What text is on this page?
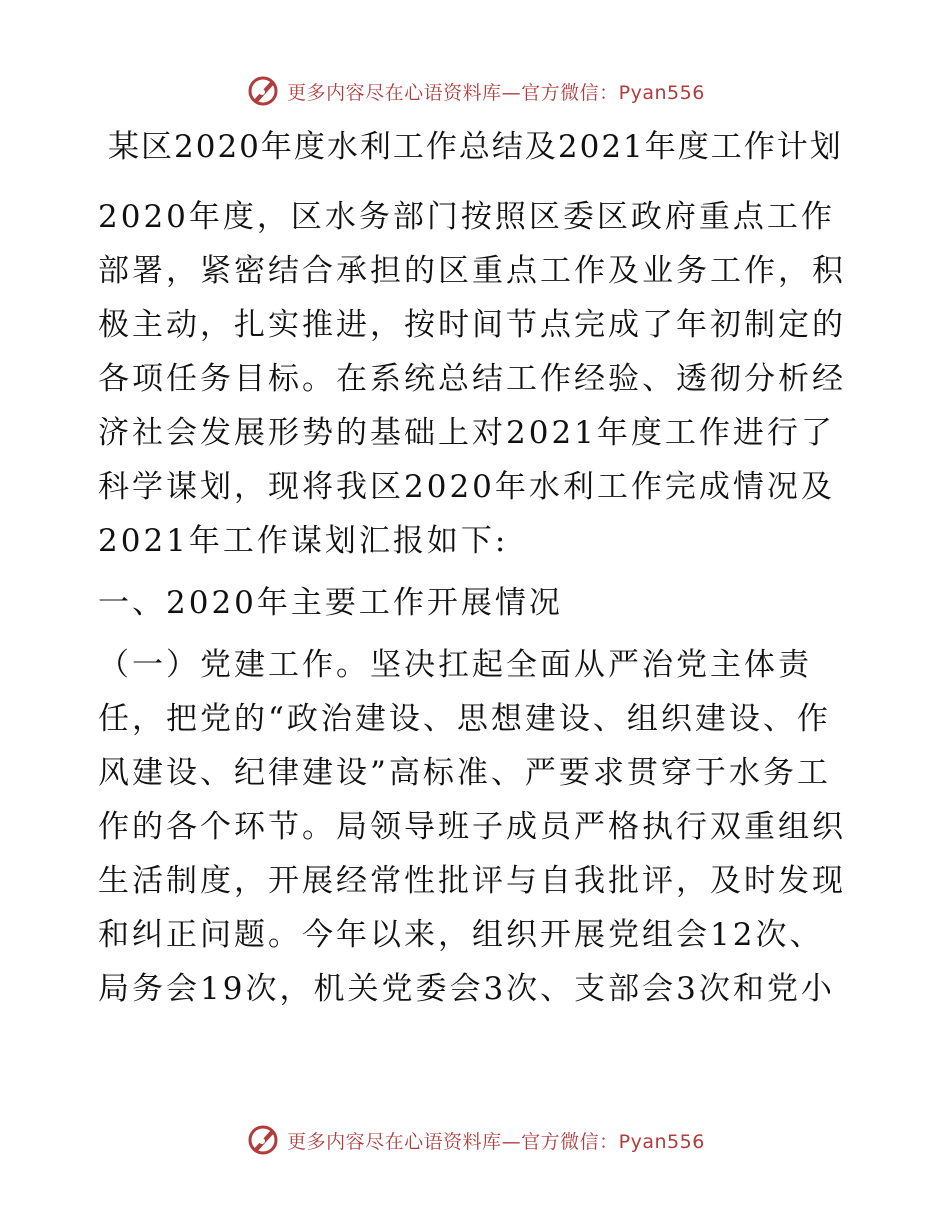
更多内容尽在心语资料库—官方微信：Pyan556
某区2020年度水利工作总结及2021年度工作计划
2020年度，区水务部门按照区委区政府重点工作
部署，紧密结合承担的区重点工作及业务工作，积
极主动，扎实推进，按时间节点完成了年初制定的
各项任务目标。在系统总结工作经验、透彻分析经
济社会发展形势的基础上对2021年度工作进行了
科学谋划，现将我区2020年水利工作完成情况及
2021年工作谋划汇报如下:
一、2020年主要工作开展情况
（一）党建工作。坚决扛起全面从严治党主体责
任，把党的“政治建设、思想建设、组织建设、作
风建设、纪律建设”高标准、严要求贯穿于水务工
作的各个环节。局领导班子成员严格执行双重组织
生活制度，开展经常性批评与自我批评，及时发现
和纠正问题。今年以来，组织开展党组会12次、
局务会19次，机关党委会3次、支部会3次和党小
更多内容尽在心语资料库—官方微信：Pyan556
